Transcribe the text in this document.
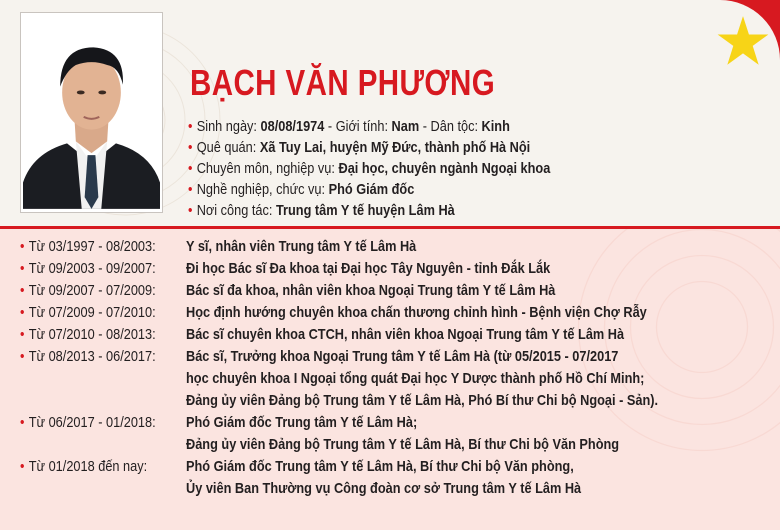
BẠCH VĂN PHƯƠNG
• Sinh ngày: 08/08/1974 - Giới tính: Nam - Dân tộc: Kinh
• Quê quán: Xã Tuy Lai, huyện Mỹ Đức, thành phố Hà Nội
• Chuyên môn, nghiệp vụ: Đại học, chuyên ngành Ngoại khoa
• Nghề nghiệp, chức vụ: Phó Giám đốc
• Nơi công tác: Trung tâm Y tế huyện Lâm Hà
• Từ 03/1997 - 08/2003: Y sĩ, nhân viên Trung tâm Y tế Lâm Hà
• Từ 09/2003 - 09/2007: Đi học Bác sĩ Đa khoa tại Đại học Tây Nguyên - tỉnh Đắk Lắk
• Từ 09/2007 - 07/2009: Bác sĩ đa khoa, nhân viên khoa Ngoại Trung tâm Y tế Lâm Hà
• Từ 07/2009 - 07/2010: Học định hướng chuyên khoa chấn thương chỉnh hình - Bệnh viện Chợ Rẫy
• Từ 07/2010 - 08/2013: Bác sĩ chuyên khoa CTCH, nhân viên khoa Ngoại Trung tâm Y tế Lâm Hà
• Từ 08/2013 - 06/2017: Bác sĩ, Trưởng khoa Ngoại Trung tâm Y tế Lâm Hà (từ 05/2015 - 07/2017
học chuyên khoa I Ngoại tổng quát Đại học Y Dược thành phố Hồ Chí Minh;
Đảng ủy viên Đảng bộ Trung tâm Y tế Lâm Hà, Phó Bí thư Chi bộ Ngoại - Sản).
• Từ 06/2017 - 01/2018: Phó Giám đốc Trung tâm Y tế Lâm Hà;
Đảng ủy viên Đảng bộ Trung tâm Y tế Lâm Hà, Bí thư Chi bộ Văn Phòng
• Từ 01/2018 đến nay:	Phó Giám đốc Trung tâm Y tế Lâm Hà, Bí thư Chi bộ Văn phòng,
Ủy viên Ban Thường vụ Công đoàn cơ sở Trung tâm Y tế Lâm Hà
